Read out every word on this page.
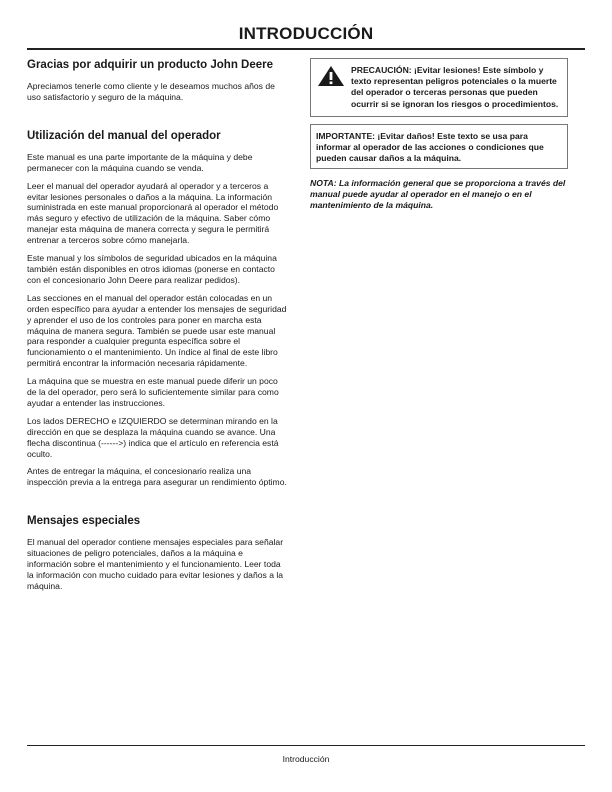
INTRODUCCIÓN
Gracias por adquirir un producto John Deere

Apreciamos tenerle como cliente y le deseamos muchos años de uso satisfactorio y seguro de la máquina.

Utilización del manual del operador

Este manual es una parte importante de la máquina y debe permanecer con la máquina cuando se venda.

Leer el manual del operador ayudará al operador y a terceros a evitar lesiones personales o daños a la máquina. La información suministrada en este manual proporcionará al operador el método más seguro y efectivo de utilización de la máquina. Saber cómo manejar esta máquina de manera correcta y segura le permitirá entrenar a terceros sobre cómo manejarla.

Este manual y los símbolos de seguridad ubicados en la máquina también están disponibles en otros idiomas (ponerse en contacto con el concesionario John Deere para realizar pedidos).

Las secciones en el manual del operador están colocadas en un orden específico para ayudar a entender los mensajes de seguridad y aprender el uso de los controles para poner en marcha esta máquina de manera segura. También se puede usar este manual para responder a cualquier pregunta específica sobre el funcionamiento o el mantenimiento. Un índice al final de este libro permitirá encontrar la información necesaria rápidamente.

La máquina que se muestra en este manual puede diferir un poco de la del operador, pero será lo suficientemente similar para como ayudar a entender las instrucciones.

Los lados DERECHO e IZQUIERDO se determinan mirando en la dirección en que se desplaza la máquina cuando se avance. Una flecha discontinua (------>) indica que el artículo en referencia está oculto.

Antes de entregar la máquina, el concesionario realiza una inspección previa a la entrega para asegurar un rendimiento óptimo.

Mensajes especiales

El manual del operador contiene mensajes especiales para señalar situaciones de peligro potenciales, daños a la máquina e información sobre el mantenimiento y el funcionamiento. Leer toda la información con mucho cuidado para evitar lesiones y daños a la máquina.

PRECAUCIÓN: ¡Evitar lesiones! Este símbolo y texto representan peligros potenciales o la muerte del operador o terceras personas que pueden ocurrir si se ignoran los riesgos o procedimientos.
IMPORTANTE: ¡Evitar daños! Este texto se usa para informar al operador de las acciones o condiciones que pueden causar daños a la máquina.
NOTA: La información general que se proporciona a través del manual puede ayudar al operador en el manejo o en el mantenimiento de la máquina.
Introducción
